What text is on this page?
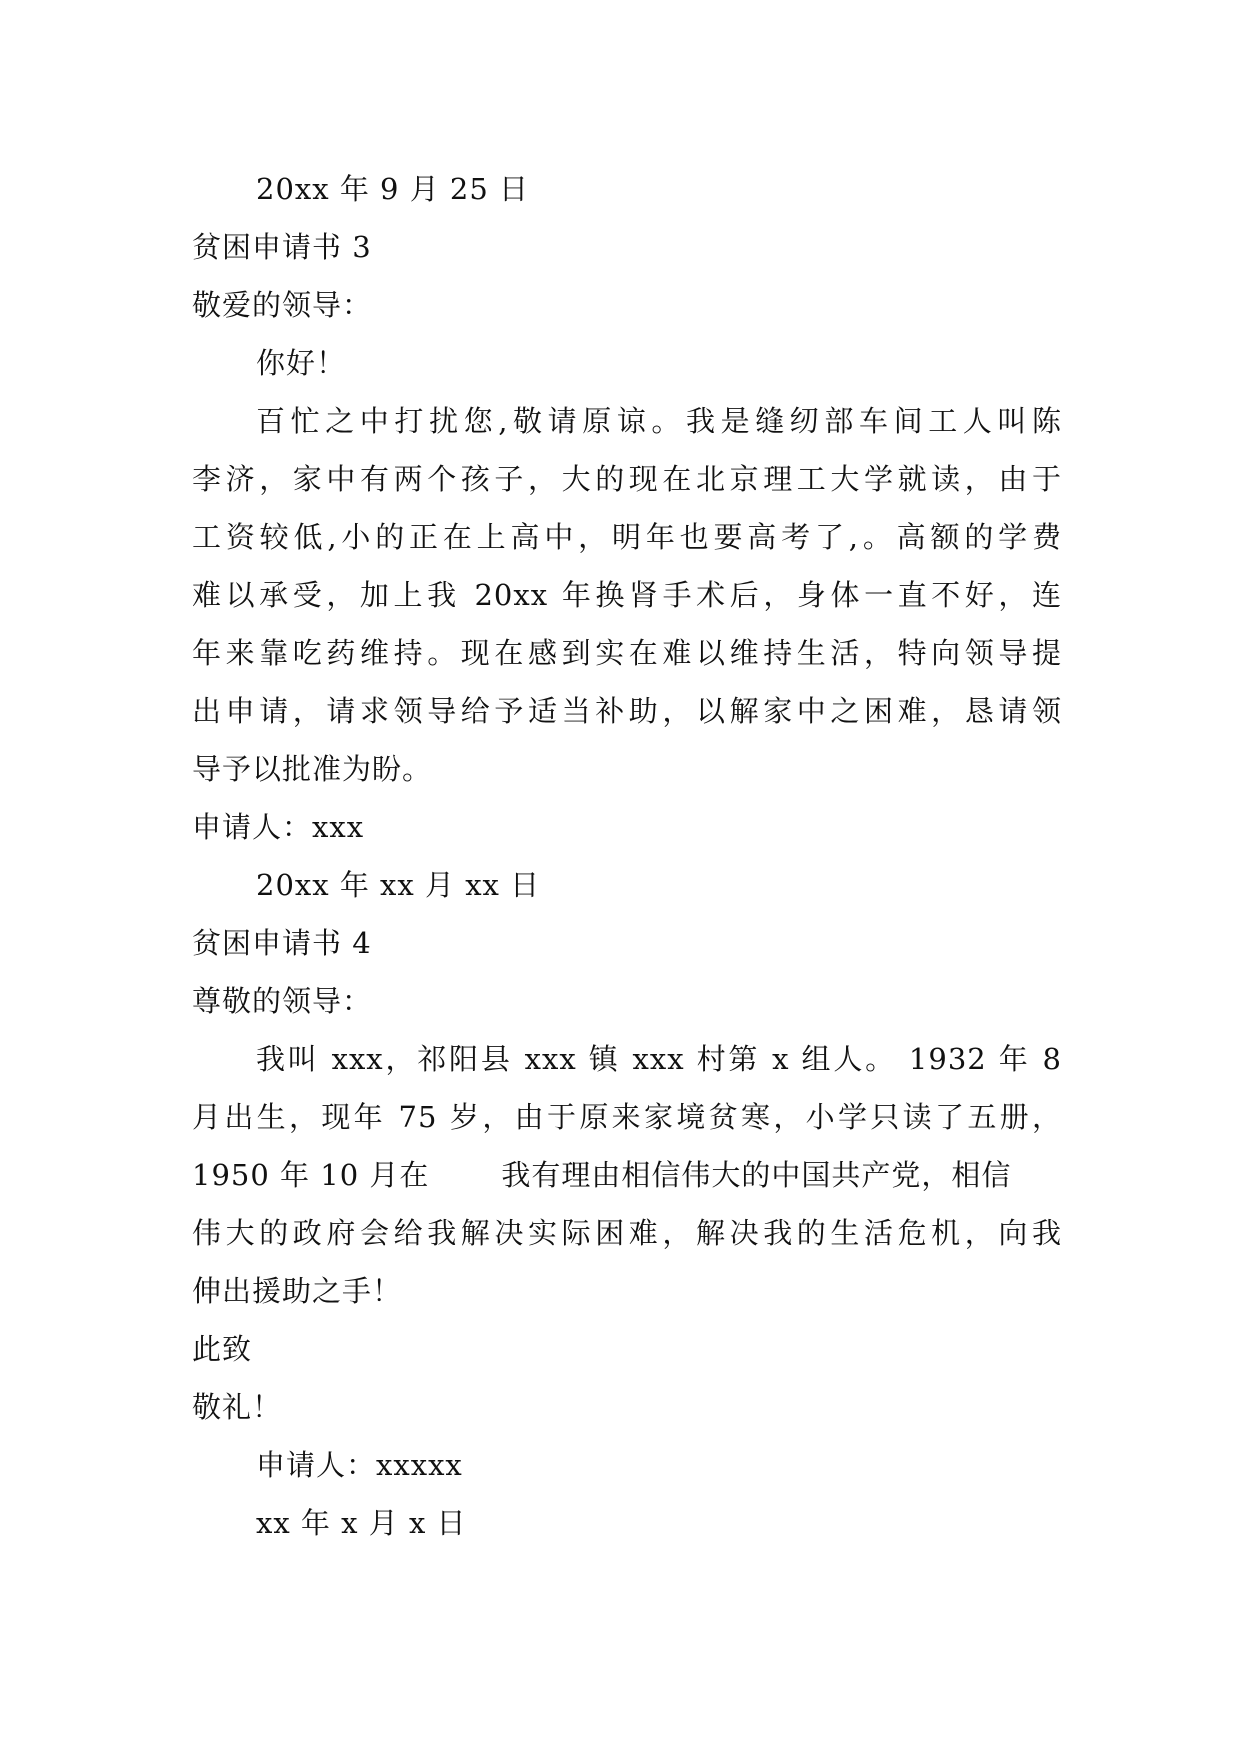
20xx 年 9 月 25 日
贫困申请书 3
敬爱的领导：
你好！
百忙之中打扰您,敬请原谅。我是缝纫部车间工人叫陈
李济，家中有两个孩子，大的现在北京理工大学就读，由于
工资较低,小的正在上高中，明年也要高考了,。高额的学费
难以承受，加上我 20xx 年换肾手术后，身体一直不好，连
年来靠吃药维持。现在感到实在难以维持生活，特向领导提
出申请，请求领导给予适当补助，以解家中之困难，恳请领
导予以批准为盼。
申请人：xxx
20xx 年 xx 月 xx 日
贫困申请书 4
尊敬的领导：
我叫 xxx，祁阳县 xxx 镇 xxx 村第 x 组人。 1932 年 8
月出生，现年 75 岁，由于原来家境贫寒，小学只读了五册，
1950 年 10 月在 我有理由相信伟大的中国共产党，相信
伟大的政府会给我解决实际困难，解决我的生活危机，向我
伸出援助之手！
此致
敬礼！
申请人：xxxxx
xx 年 x 月 x 日
